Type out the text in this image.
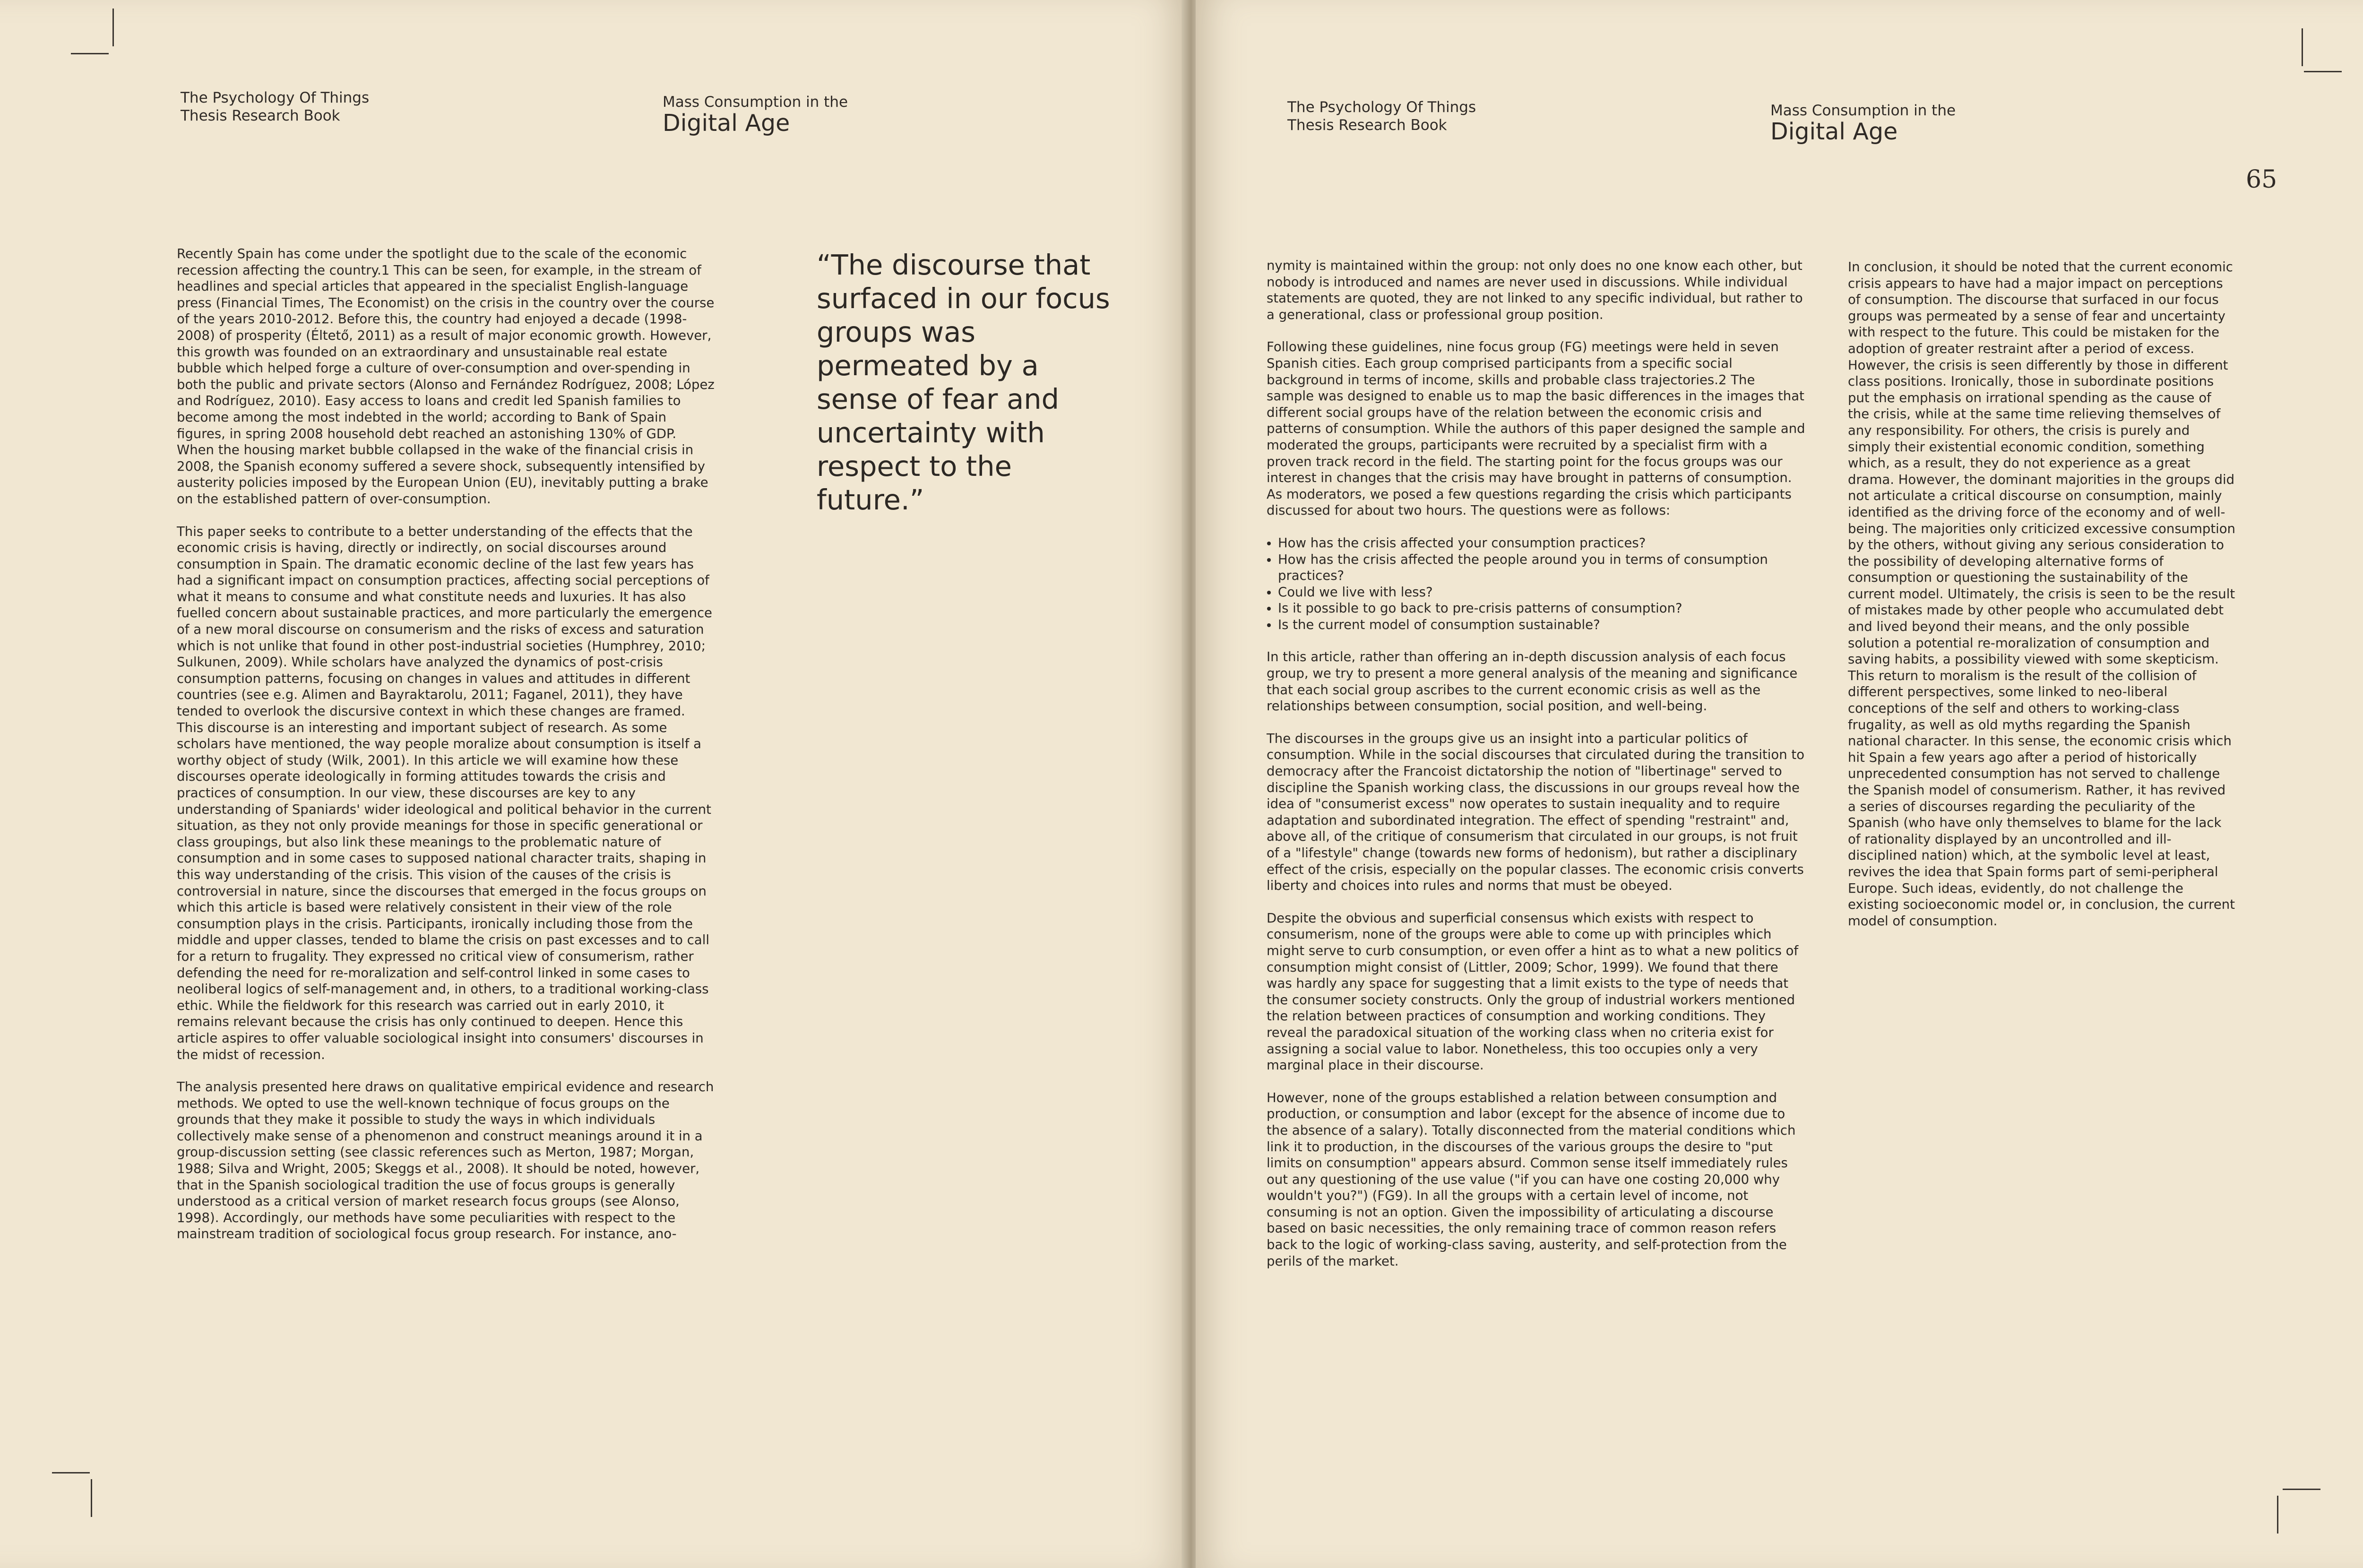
The Psychology Of Things
Thesis Research Book
Mass Consumption in the
Digital Age

Recently Spain has come under the spotlight due to the scale of the economic recession affecting the country.1 This can be seen, for example, in the stream of headlines and special articles that appeared in the specialist English-language press (Financial Times, The Economist) on the crisis in the country over the course of the years 2010-2012. Before this, the country had enjoyed a decade (1998-2008) of prosperity (Éltető, 2011) as a result of major economic growth. However, this growth was founded on an extraordinary and unsustainable real estate bubble which helped forge a culture of over-consumption and over-spending in both the public and private sectors (Alonso and Fernández Rodríguez, 2008; López and Rodríguez, 2010). Easy access to loans and credit led Spanish families to become among the most indebted in the world; according to Bank of Spain figures, in spring 2008 household debt reached an astonishing 130% of GDP. When the housing market bubble collapsed in the wake of the financial crisis in 2008, the Spanish economy suffered a severe shock, subsequently intensified by austerity policies imposed by the European Union (EU), inevitably putting a brake on the established pattern of over-consumption.

This paper seeks to contribute to a better understanding of the effects that the economic crisis is having, directly or indirectly, on social discourses around consumption in Spain. The dramatic economic decline of the last few years has had a significant impact on consumption practices, affecting social perceptions of what it means to consume and what constitute needs and luxuries. It has also fuelled concern about sustainable practices, and more particularly the emergence of a new moral discourse on consumerism and the risks of excess and saturation which is not unlike that found in other post-industrial societies (Humphrey, 2010; Sulkunen, 2009). While scholars have analyzed the dynamics of post-crisis consumption patterns, focusing on changes in values and attitudes in different countries (see e.g. Alimen and Bayraktarolu, 2011; Faganel, 2011), they have tended to overlook the discursive context in which these changes are framed. This discourse is an interesting and important subject of research. As some scholars have mentioned, the way people moralize about consumption is itself a worthy object of study (Wilk, 2001). In this article we will examine how these discourses operate ideologically in forming attitudes towards the crisis and practices of consumption. In our view, these discourses are key to any understanding of Spaniards' wider ideological and political behavior in the current situation, as they not only provide meanings for those in specific generational or class groupings, but also link these meanings to the problematic nature of consumption and in some cases to supposed national character traits, shaping in this way understanding of the crisis. This vision of the causes of the crisis is controversial in nature, since the discourses that emerged in the focus groups on which this article is based were relatively consistent in their view of the role consumption plays in the crisis. Participants, ironically including those from the middle and upper classes, tended to blame the crisis on past excesses and to call for a return to frugality. They expressed no critical view of consumerism, rather defending the need for re-moralization and self-control linked in some cases to neoliberal logics of self-management and, in others, to a traditional working-class ethic. While the fieldwork for this research was carried out in early 2010, it remains relevant because the crisis has only continued to deepen. Hence this article aspires to offer valuable sociological insight into consumers' discourses in the midst of recession.

The analysis presented here draws on qualitative empirical evidence and research methods. We opted to use the well-known technique of focus groups on the grounds that they make it possible to study the ways in which individuals collectively make sense of a phenomenon and construct meanings around it in a group-discussion setting (see classic references such as Merton, 1987; Morgan, 1988; Silva and Wright, 2005; Skeggs et al., 2008). It should be noted, however, that in the Spanish sociological tradition the use of focus groups is generally understood as a critical version of market research focus groups (see Alonso, 1998). Accordingly, our methods have some peculiarities with respect to the mainstream tradition of sociological focus group research. For instance, ano-

“The discourse that surfaced in our focus groups was permeated by a sense of fear and uncertainty with respect to the future.”
The Psychology Of Things
Thesis Research Book
Mass Consumption in the
Digital Age
65

nymity is maintained within the group: not only does no one know each other, but nobody is introduced and names are never used in discussions. While individual statements are quoted, they are not linked to any specific individual, but rather to a generational, class or professional group position.

Following these guidelines, nine focus group (FG) meetings were held in seven Spanish cities. Each group comprised participants from a specific social background in terms of income, skills and probable class trajectories.2 The sample was designed to enable us to map the basic differences in the images that different social groups have of the relation between the economic crisis and patterns of consumption. While the authors of this paper designed the sample and moderated the groups, participants were recruited by a specialist firm with a proven track record in the field. The starting point for the focus groups was our interest in changes that the crisis may have brought in patterns of consumption. As moderators, we posed a few questions regarding the crisis which participants discussed for about two hours. The questions were as follows:

• How has the crisis affected your consumption practices?
• How has the crisis affected the people around you in terms of consumption practices?
• Could we live with less?
• Is it possible to go back to pre-crisis patterns of consumption?
• Is the current model of consumption sustainable?

In this article, rather than offering an in-depth discussion analysis of each focus group, we try to present a more general analysis of the meaning and significance that each social group ascribes to the current economic crisis as well as the relationships between consumption, social position, and well-being.

The discourses in the groups give us an insight into a particular politics of consumption. While in the social discourses that circulated during the transition to democracy after the Francoist dictatorship the notion of "libertinage" served to discipline the Spanish working class, the discussions in our groups reveal how the idea of "consumerist excess" now operates to sustain inequality and to require adaptation and subordinated integration. The effect of spending "restraint" and, above all, of the critique of consumerism that circulated in our groups, is not fruit of a "lifestyle" change (towards new forms of hedonism), but rather a disciplinary effect of the crisis, especially on the popular classes. The economic crisis converts liberty and choices into rules and norms that must be obeyed.

Despite the obvious and superficial consensus which exists with respect to consumerism, none of the groups were able to come up with principles which might serve to curb consumption, or even offer a hint as to what a new politics of consumption might consist of (Littler, 2009; Schor, 1999). We found that there was hardly any space for suggesting that a limit exists to the type of needs that the consumer society constructs. Only the group of industrial workers mentioned the relation between practices of consumption and working conditions. They reveal the paradoxical situation of the working class when no criteria exist for assigning a social value to labor. Nonetheless, this too occupies only a very marginal place in their discourse.

However, none of the groups established a relation between consumption and production, or consumption and labor (except for the absence of income due to the absence of a salary). Totally disconnected from the material conditions which link it to production, in the discourses of the various groups the desire to "put limits on consumption" appears absurd. Common sense itself immediately rules out any questioning of the use value ("if you can have one costing 20,000 why wouldn't you?") (FG9). In all the groups with a certain level of income, not consuming is not an option. Given the impossibility of articulating a discourse based on basic necessities, the only remaining trace of common reason refers back to the logic of working-class saving, austerity, and self-protection from the perils of the market.

In conclusion, it should be noted that the current economic crisis appears to have had a major impact on perceptions of consumption. The discourse that surfaced in our focus groups was permeated by a sense of fear and uncertainty with respect to the future. This could be mistaken for the adoption of greater restraint after a period of excess. However, the crisis is seen differently by those in different class positions. Ironically, those in subordinate positions put the emphasis on irrational spending as the cause of the crisis, while at the same time relieving themselves of any responsibility. For others, the crisis is purely and simply their existential economic condition, something which, as a result, they do not experience as a great drama. However, the dominant majorities in the groups did not articulate a critical discourse on consumption, mainly identified as the driving force of the economy and of well-being. The majorities only criticized excessive consumption by the others, without giving any serious consideration to the possibility of developing alternative forms of consumption or questioning the sustainability of the current model. Ultimately, the crisis is seen to be the result of mistakes made by other people who accumulated debt and lived beyond their means, and the only possible solution a potential re-moralization of consumption and saving habits, a possibility viewed with some skepticism. This return to moralism is the result of the collision of different perspectives, some linked to neo-liberal conceptions of the self and others to working-class frugality, as well as old myths regarding the Spanish national character. In this sense, the economic crisis which hit Spain a few years ago after a period of historically unprecedented consumption has not served to challenge the Spanish model of consumerism. Rather, it has revived a series of discourses regarding the peculiarity of the Spanish (who have only themselves to blame for the lack of rationality displayed by an uncontrolled and ill-disciplined nation) which, at the symbolic level at least, revives the idea that Spain forms part of semi-peripheral Europe. Such ideas, evidently, do not challenge the existing socioeconomic model or, in conclusion, the current model of consumption.
